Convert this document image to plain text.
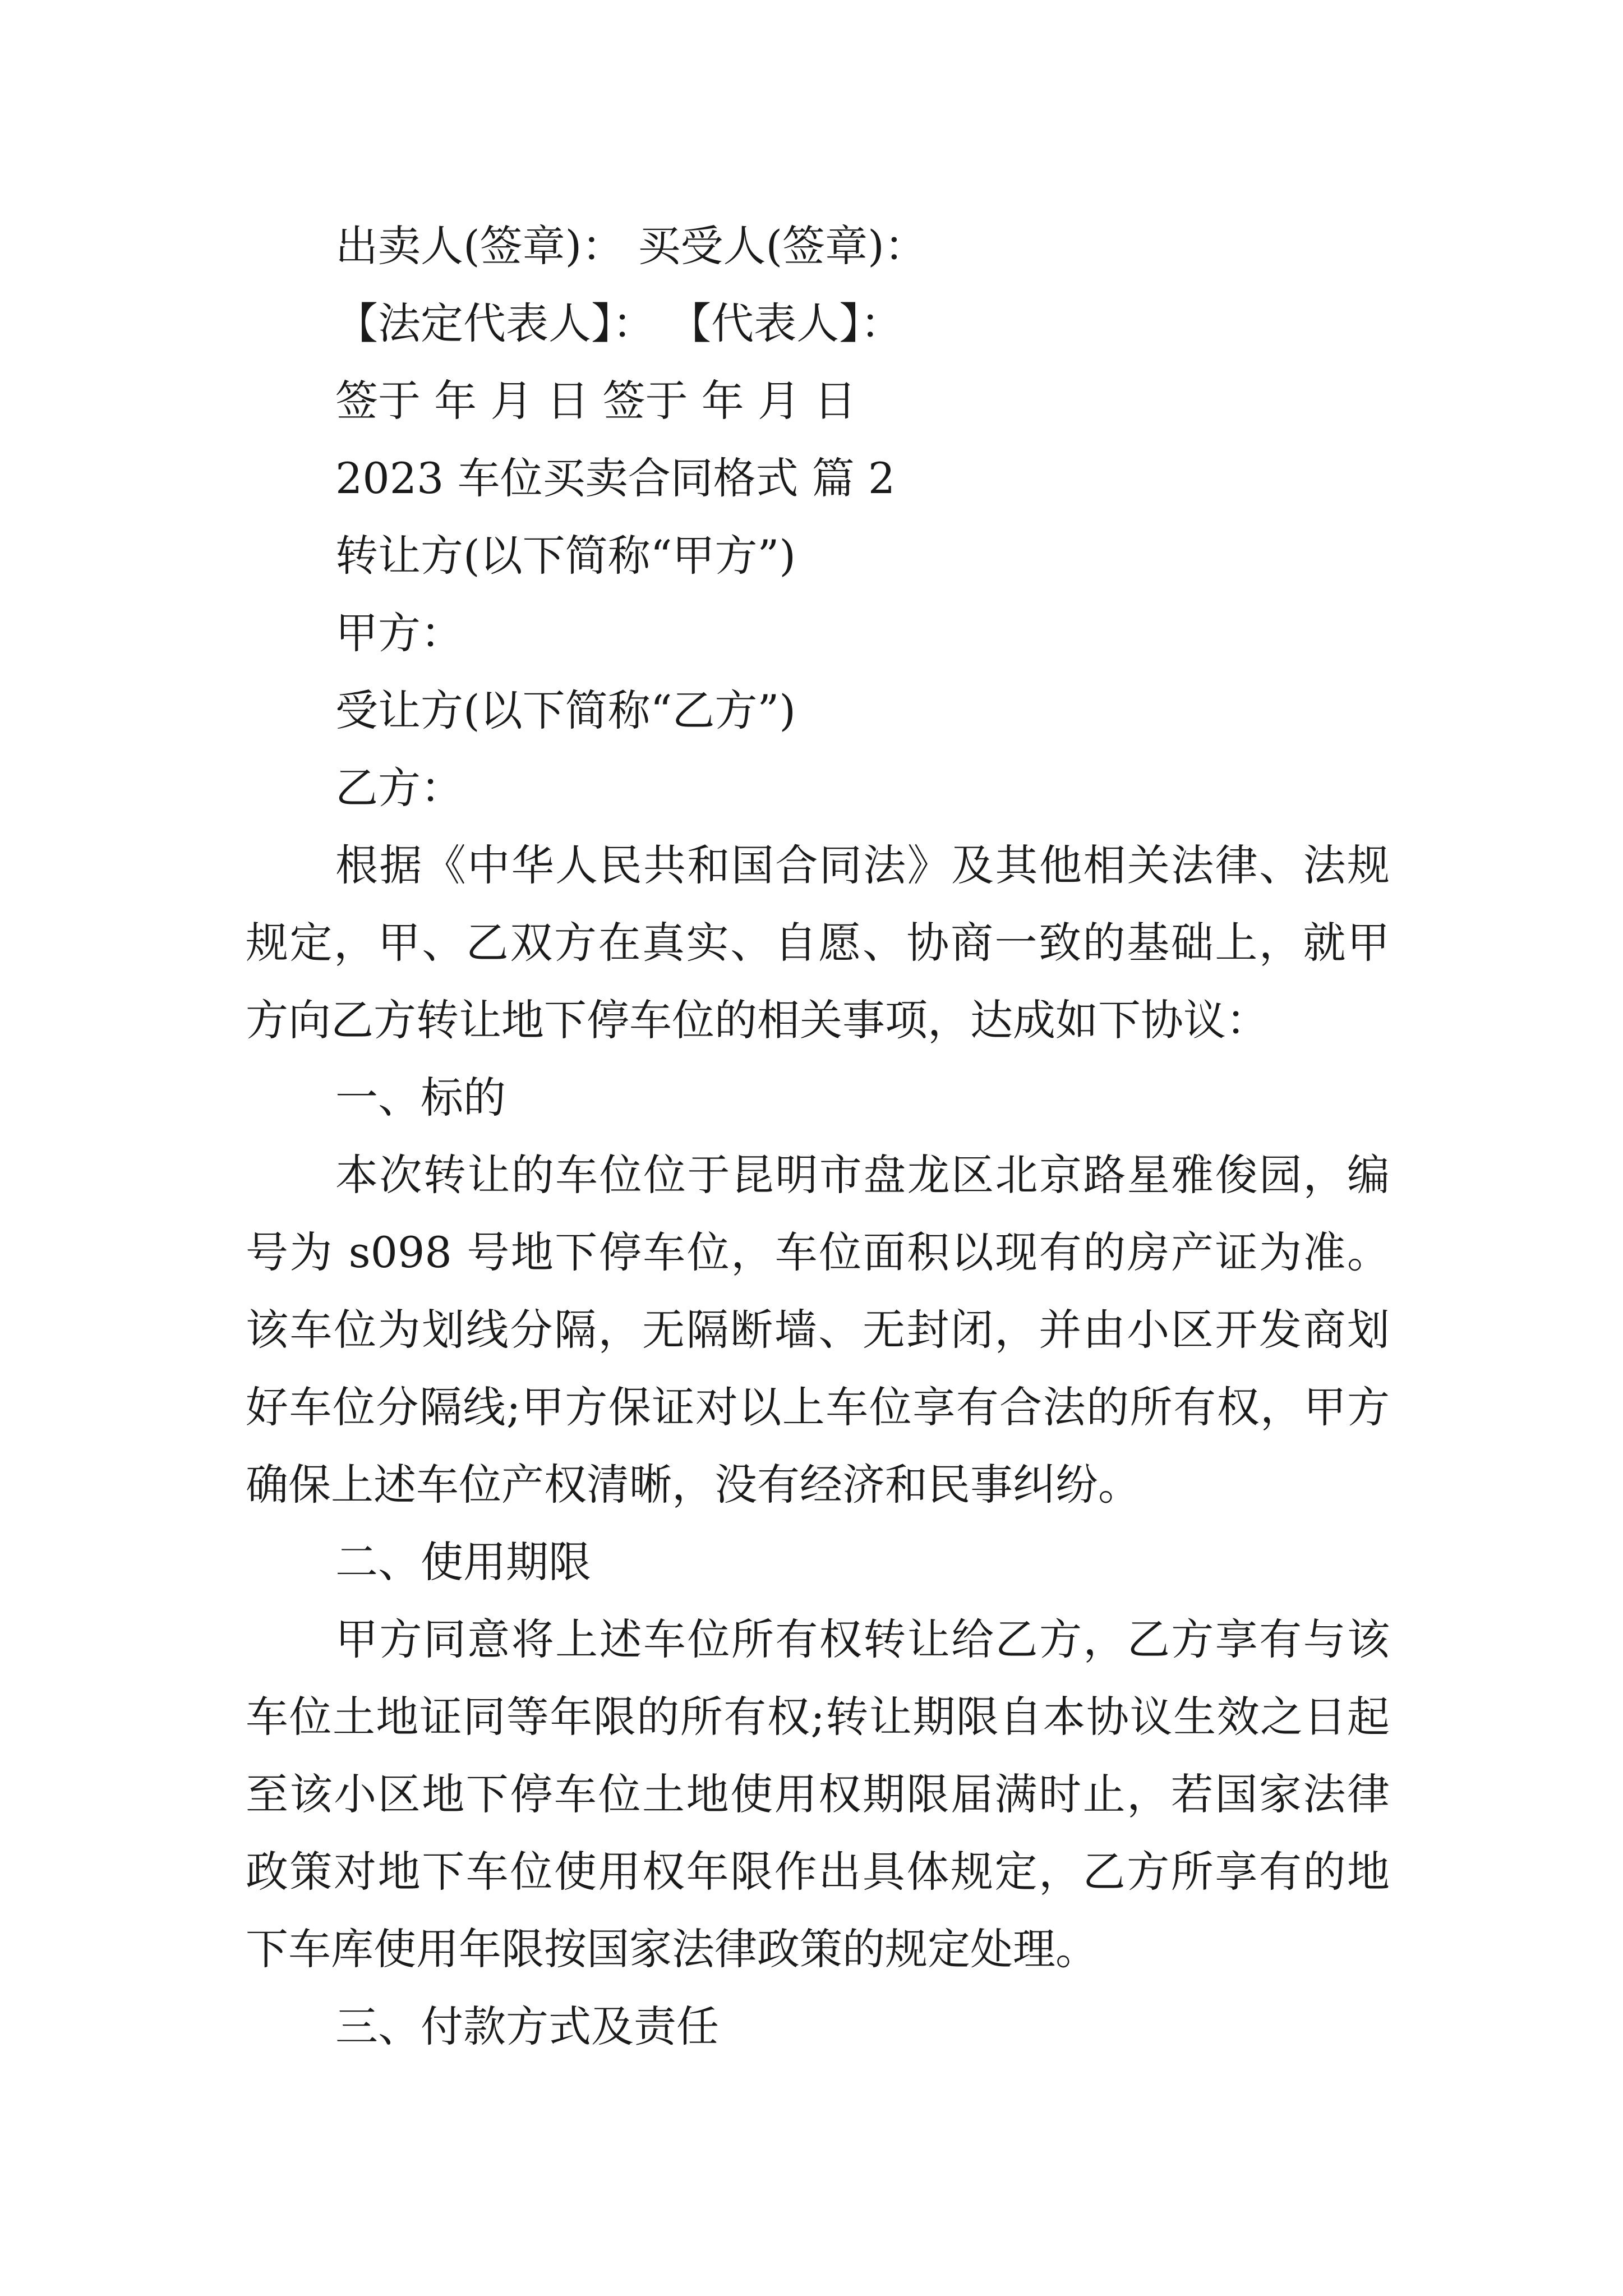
出卖人(签章)： 买受人(签章)：

【法定代表人】： 【代表人】：

签于 年 月 日 签于 年 月 日

2023 车位买卖合同格式 篇 2

转让方(以下简称“甲方”)

甲方：

受让方(以下简称“乙方”)

乙方：

根据《中华人民共和国合同法》及其他相关法律、法规规定，甲、乙双方在真实、自愿、协商一致的基础上，就甲方向乙方转让地下停车位的相关事项，达成如下协议：

一、标的

本次转让的车位位于昆明市盘龙区北京路星雅俊园，编号为 s098 号地下停车位，车位面积以现有的房产证为准。该车位为划线分隔，无隔断墙、无封闭，并由小区开发商划好车位分隔线;甲方保证对以上车位享有合法的所有权，甲方确保上述车位产权清晰，没有经济和民事纠纷。

二、使用期限

甲方同意将上述车位所有权转让给乙方，乙方享有与该车位土地证同等年限的所有权;转让期限自本协议生效之日起至该小区地下停车位土地使用权期限届满时止，若国家法律政策对地下车位使用权年限作出具体规定，乙方所享有的地下车库使用年限按国家法律政策的规定处理。

三、付款方式及责任
